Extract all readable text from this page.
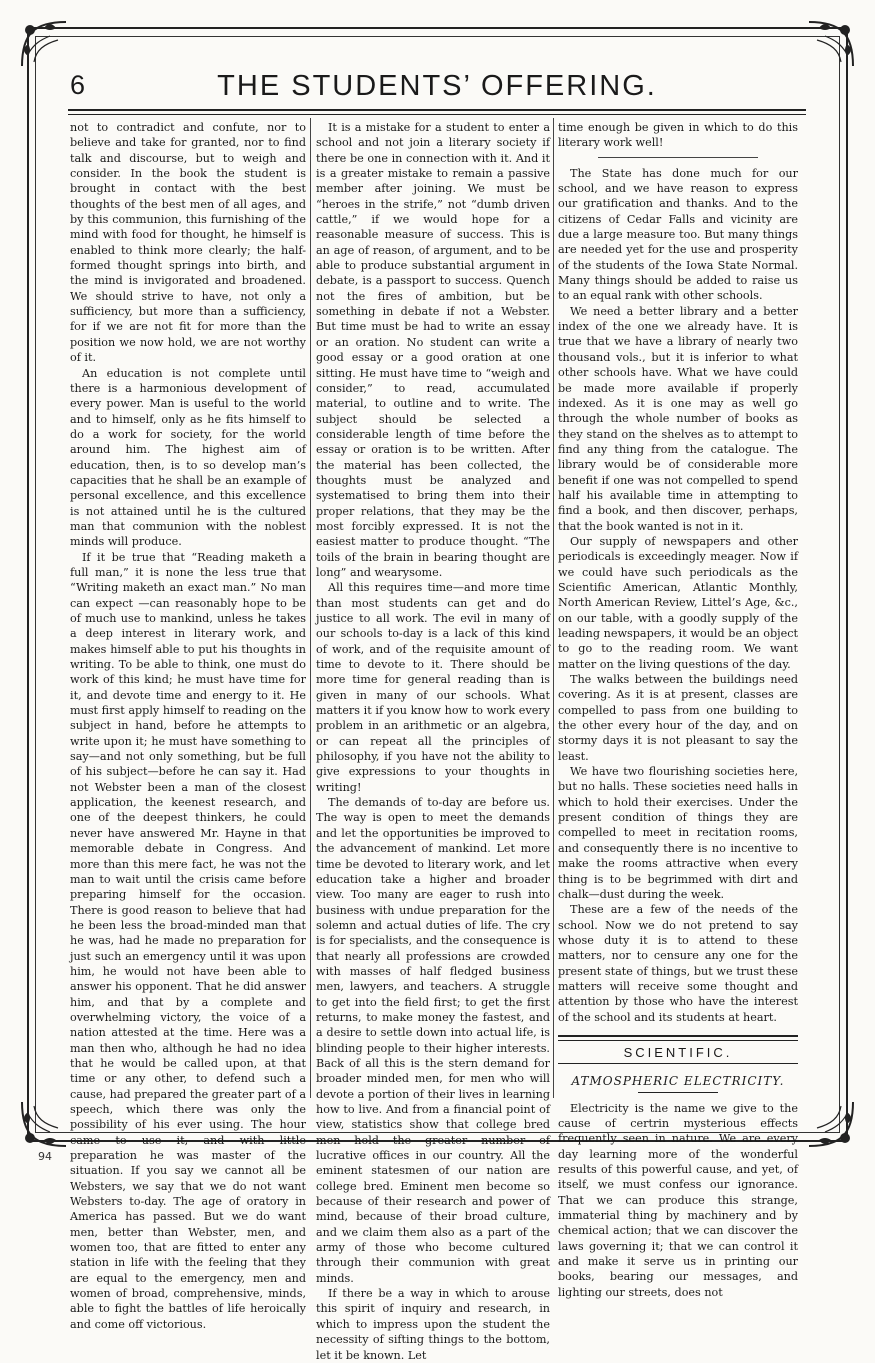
6	THE STUDENTS’ OFFERING.

not to contradict and confute, nor to believe and take for granted, nor to find talk and discourse, but to weigh and consider. In the book the student is brought in contact with the best thoughts of the best men of all ages, and by this communion, this furnishing of the mind with food for thought, he himself is enabled to think more clearly; the half-formed thought springs into birth, and the mind is invigorated and broadened. We should strive to have, not only a sufficiency, but more than a sufficiency, for if we are not fit for more than the position we now hold, we are not worthy of it.

An education is not complete until there is a harmonious development of every power. Man is useful to the world and to himself, only as he fits himself to do a work for society, for the world around him. The highest aim of education, then, is to so develop man’s capacities that he shall be an example of personal excellence, and this excellence is not attained until he is the cultured man that communion with the noblest minds will produce.

If it be true that “Reading maketh a full man,” it is none the less true that “Writing maketh an exact man.” No man can expect —can reasonably hope to be of much use to mankind, unless he takes a deep interest in literary work, and makes himself able to put his thoughts in writing. To be able to think, one must do work of this kind; he must have time for it, and devote time and energy to it. He must first apply himself to reading on the subject in hand, before he attempts to write upon it; he must have something to say—and not only something, but be full of his subject—before he can say it. Had not Webster been a man of the closest application, the keenest research, and one of the deepest thinkers, he could never have answered Mr. Hayne in that memorable debate in Congress. And more than this mere fact, he was not the man to wait until the crisis came before preparing himself for the occasion. There is good reason to believe that had he been less the broad-minded man that he was, had he made no preparation for just such an emergency until it was upon him, he would not have been able to answer his opponent. That he did answer him, and that by a complete and overwhelming victory, the voice of a nation attested at the time. Here was a man then who, although he had no idea that he would be called upon, at that time or any other, to defend such a cause, had prepared the greater part of a speech, which there was only the possibility of his ever using. The hour came to use it, and with little preparation he was master of the situation. If you say we cannot all be Websters, we say that we do not want Websters to-day. The age of oratory in America has passed. But we do want men, better than Webster, men, and women too, that are fitted to enter any station in life with the feeling that they are equal to the emergency, men and women of broad, comprehensive, minds, able to fight the battles of life heroically and come off victorious.

It is a mistake for a student to enter a school and not join a literary society if there be one in connection with it. And it is a greater mistake to remain a passive member after joining. We must be “heroes in the strife,” not “dumb driven cattle,” if we would hope for a reasonable measure of success. This is an age of reason, of argument, and to be able to produce substantial argument in debate, is a passport to success. Quench not the fires of ambition, but be something in debate if not a Webster. But time must be had to write an essay or an oration. No student can write a good essay or a good oration at one sitting. He must have time to “weigh and consider,” to read, accumulated material, to outline and to write. The subject should be selected a considerable length of time before the essay or oration is to be written. After the material has been collected, the thoughts must be analyzed and systematised to bring them into their proper relations, that they may be the most forcibly expressed. It is not the easiest matter to produce thought. “The toils of the brain in bearing thought are long” and wearysome.

All this requires time—and more time than most students can get and do justice to all work. The evil in many of our schools to-day is a lack of this kind of work, and of the requisite amount of time to devote to it. There should be more time for general reading than is given in many of our schools. What matters it if you know how to work every problem in an arithmetic or an algebra, or can repeat all the principles of philosophy, if you have not the ability to give expressions to your thoughts in writing!

The demands of to-day are before us. The way is open to meet the demands and let the opportunities be improved to the advancement of mankind. Let more time be devoted to literary work, and let education take a higher and broader view. Too many are eager to rush into business with undue preparation for the solemn and actual duties of life. The cry is for specialists, and the consequence is that nearly all professions are crowded with masses of half fledged business men, lawyers, and teachers. A struggle to get into the field first; to get the first returns, to make money the fastest, and a desire to settle down into actual life, is blinding people to their higher interests. Back of all this is the stern demand for broader minded men, for men who will devote a portion of their lives in learning how to live. And from a financial point of view, statistics show that college bred men hold the greater number of lucrative offices in our country. All the eminent statesmen of our nation are college bred. Eminent men become so because of their research and power of mind, because of their broad culture, and we claim them also as a part of the army of those who become cultured through their communion with great minds.

If there be a way in which to arouse this spirit of inquiry and research, in which to impress upon the student the necessity of sifting things to the bottom, let it be known. Let

time enough be given in which to do this literary work well!

The State has done much for our school, and we have reason to express our gratification and thanks. And to the citizens of Cedar Falls and vicinity are due a large measure too. But many things are needed yet for the use and prosperity of the students of the Iowa State Normal. Many things should be added to raise us to an equal rank with other schools.

We need a better library and a better index of the one we already have. It is true that we have a library of nearly two thousand vols., but it is inferior to what other schools have. What we have could be made more available if properly indexed. As it is one may as well go through the whole number of books as they stand on the shelves as to attempt to find any thing from the catalogue. The library would be of considerable more benefit if one was not compelled to spend half his available time in attempting to find a book, and then discover, perhaps, that the book wanted is not in it.

Our supply of newspapers and other periodicals is exceedingly meager. Now if we could have such periodicals as the Scientific American, Atlantic Monthly, North American Review, Littel’s Age, &c., on our table, with a goodly supply of the leading newspapers, it would be an object to go to the reading room. We want matter on the living questions of the day.

The walks between the buildings need covering. As it is at present, classes are compelled to pass from one building to the other every hour of the day, and on stormy days it is not pleasant to say the least.

We have two flourishing societies here, but no halls. These societies need halls in which to hold their exercises. Under the present condition of things they are compelled to meet in recitation rooms, and consequently there is no incentive to make the rooms attractive when every thing is to be begrimmed with dirt and chalk—dust during the week.

These are a few of the needs of the school. Now we do not pretend to say whose duty it is to attend to these matters, nor to censure any one for the present state of things, but we trust these matters will receive some thought and attention by those who have the interest of the school and its students at heart.

SCIENTIFIC.
ATMOSPHERIC ELECTRICITY.

Electricity is the name we give to the cause of certrin mysterious effects frequently seen in nature. We are every day learning more of the wonderful results of this powerful cause, and yet, of itself, we must confess our ignorance. That we can produce this strange, immaterial thing by machinery and by chemical action; that we can discover the laws governing it; that we can control it and make it serve us in printing our books, bearing our messages, and lighting our streets, does not

94
